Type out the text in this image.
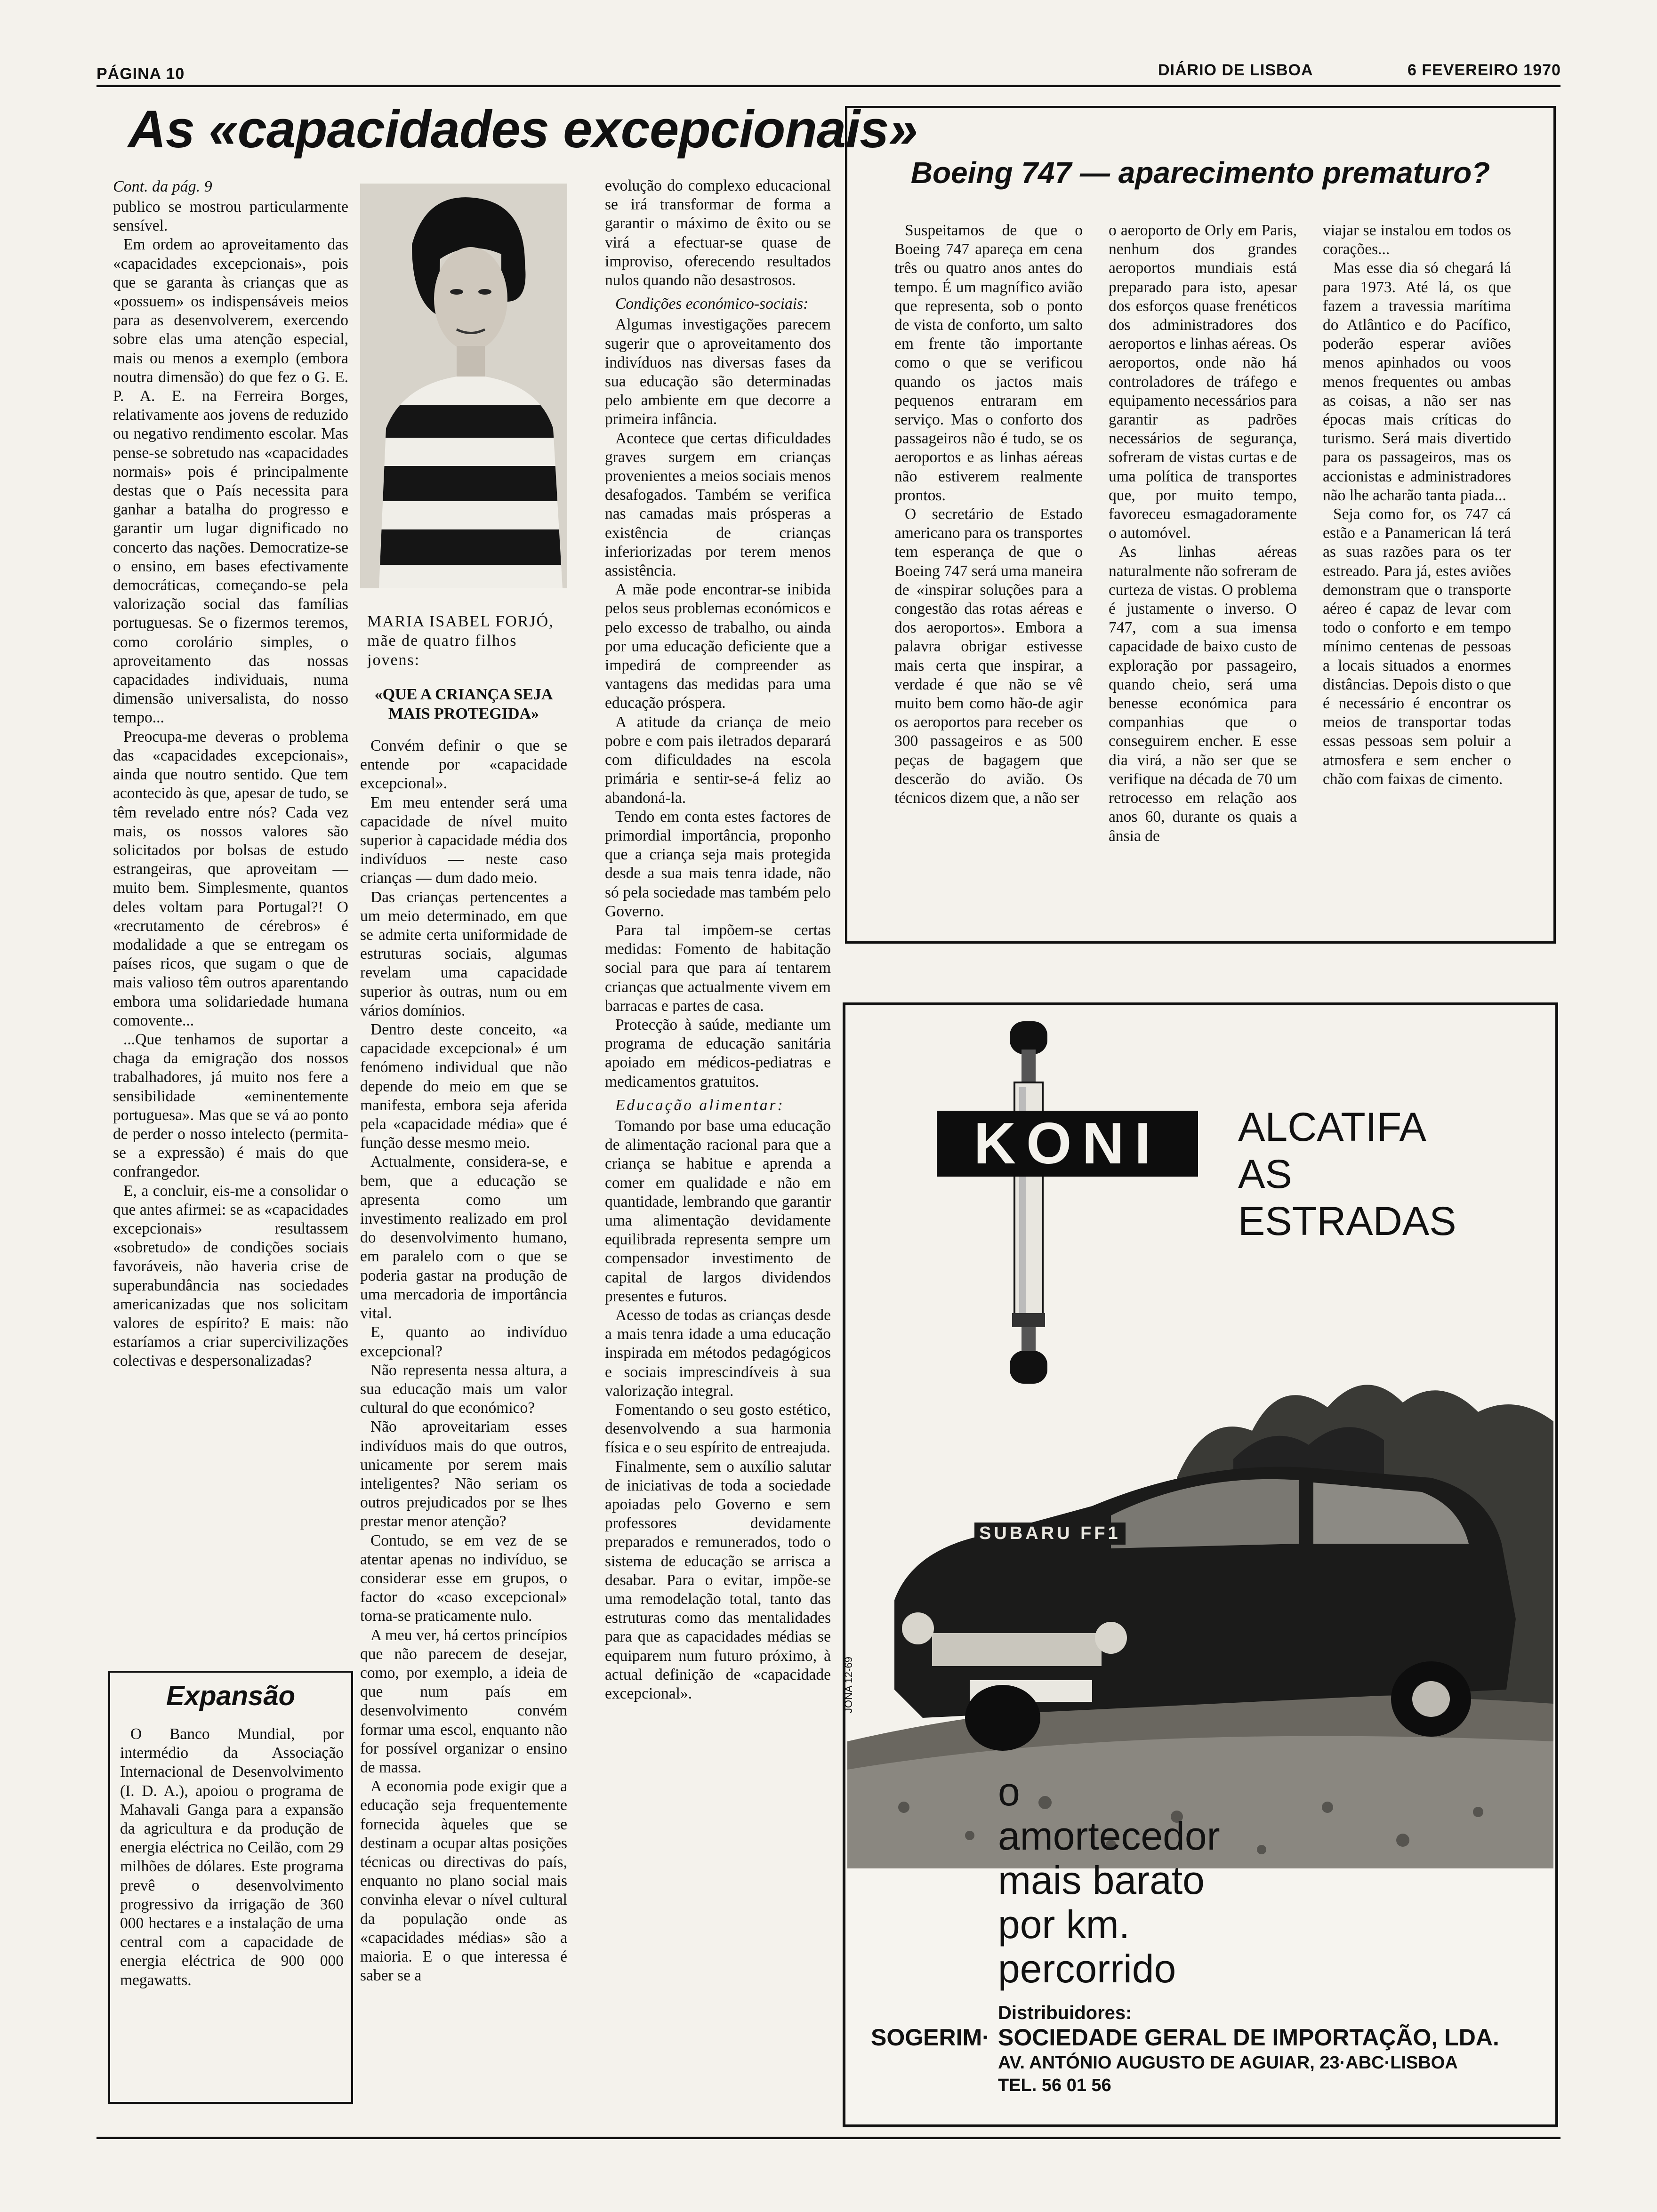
PÁGINA 10	DIÁRIO DE LISBOA	6 FEVEREIRO 1970
As «capacidades excepcionais»
Cont. da pág. 9

publico se mostrou particularmente sensível.

Em ordem ao aproveitamento das «capacidades excepcionais», pois que se garanta às crianças que as «possuem» os indispensáveis meios para as desenvolverem, exercendo sobre elas uma atenção especial, mais ou menos a exemplo (embora noutra dimensão) do que fez o G. E. P. A. E. na Ferreira Borges, relativamente aos jovens de reduzido ou negativo rendimento escolar. Mas pense-se sobretudo nas «capacidades normais» pois é principalmente destas que o País necessita para ganhar a batalha do progresso e garantir um lugar dignificado no concerto das nações. Democratize-se o ensino, em bases efectivamente democráticas, começando-se pela valorização social das famílias portuguesas. Se o fizermos teremos, como corolário simples, o aproveitamento das nossas capacidades individuais, numa dimensão universalista, do nosso tempo...

Preocupa-me deveras o problema das «capacidades excepcionais», ainda que noutro sentido. Que tem acontecido às que, apesar de tudo, se têm revelado entre nós? Cada vez mais, os nossos valores são solicitados por bolsas de estudo estrangeiras, que aproveitam — muito bem. Simplesmente, quantos deles voltam para Portugal?! O «recrutamento de cérebros» é modalidade a que se entregam os países ricos, que sugam o que de mais valioso têm outros aparentando embora uma solidariedade humana comovente...

...Que tenhamos de suportar a chaga da emigração dos nossos trabalhadores, já muito nos fere a sensibilidade «eminentemente portuguesa». Mas que se vá ao ponto de perder o nosso intelecto (permita-se a expressão) é mais do que confrangedor.

E, a concluir, eis-me a consolidar o que antes afirmei: se as «capacidades excepcionais» resultassem «sobretudo» de condições sociais favoráveis, não haveria crise de superabundância nas sociedades americanizadas que nos solicitam valores de espírito? E mais: não estaríamos a criar supercivilizações colectivas e despersonalizadas?

Expansão

O Banco Mundial, por intermédio da Associação Internacional de Desenvolvimento (I. D. A.), apoiou o programa de Mahavali Ganga para a expansão da agricultura e da produção de energia eléctrica no Ceilão, com 29 milhões de dólares. Este programa prevê o desenvolvimento progressivo da irrigação de 360 000 hectares e a instalação de uma central com a capacidade de energia eléctrica de 900 000 megawatts.

MARIA ISABEL FORJÓ, mãe de quatro filhos jovens:
«QUE A CRIANÇA SEJA MAIS PROTEGIDA»

Convém definir o que se entende por «capacidade excepcional».

Em meu entender será uma capacidade de nível muito superior à capacidade média dos indivíduos — neste caso crianças — dum dado meio.

Das crianças pertencentes a um meio determinado, em que se admite certa uniformidade de estruturas sociais, algumas revelam uma capacidade superior às outras, num ou em vários domínios.

Dentro deste conceito, «a capacidade excepcional» é um fenómeno individual que não depende do meio em que se manifesta, embora seja aferida pela «capacidade média» que é função desse mesmo meio.

Actualmente, considera-se, e bem, que a educação se apresenta como um investimento realizado em prol do desenvolvimento humano, em paralelo com o que se poderia gastar na produção de uma mercadoria de importância vital.

E, quanto ao indivíduo excepcional?

Não representa nessa altura, a sua educação mais um valor cultural do que económico?

Não aproveitariam esses indivíduos mais do que outros, unicamente por serem mais inteligentes? Não seriam os outros prejudicados por se lhes prestar menor atenção?

Contudo, se em vez de se atentar apenas no indivíduo, se considerar esse em grupos, o factor do «caso excepcional» torna-se praticamente nulo.

A meu ver, há certos princípios que não parecem de desejar, como, por exemplo, a ideia de que num país em desenvolvimento convém formar uma escol, enquanto não for possível organizar o ensino de massa.

A economia pode exigir que a educação seja frequentemente fornecida àqueles que se destinam a ocupar altas posições técnicas ou directivas do país, enquanto no plano social mais convinha elevar o nível cultural da população onde as «capacidades médias» são a maioria. E o que interessa é saber se a

evolução do complexo educacional se irá transformar de forma a garantir o máximo de êxito ou se virá a efectuar-se quase de improviso, oferecendo resultados nulos quando não desastrosos.

Condições económico-sociais:

Algumas investigações parecem sugerir que o aproveitamento dos indivíduos nas diversas fases da sua educação são determinadas pelo ambiente em que decorre a primeira infância.

Acontece que certas dificuldades graves surgem em crianças provenientes a meios sociais menos desafogados. Também se verifica nas camadas mais prósperas a existência de crianças inferiorizadas por terem menos assistência.

A mãe pode encontrar-se inibida pelos seus problemas económicos e pelo excesso de trabalho, ou ainda por uma educação deficiente que a impedirá de compreender as vantagens das medidas para uma educação próspera.

A atitude da criança de meio pobre e com pais iletrados deparará com dificuldades na escola primária e sentir-se-á feliz ao abandoná-la.

Tendo em conta estes factores de primordial importância, proponho que a criança seja mais protegida desde a sua mais tenra idade, não só pela sociedade mas também pelo Governo.

Para tal impõem-se certas medidas: Fomento de habitação social para que para aí tentarem crianças que actualmente vivem em barracas e partes de casa.

Protecção à saúde, mediante um programa de educação sanitária apoiado em médicos-pediatras e medicamentos gratuitos.

Educação alimentar:

Tomando por base uma educação de alimentação racional para que a criança se habitue e aprenda a comer em qualidade e não em quantidade, lembrando que garantir uma alimentação devidamente equilibrada representa sempre um compensador investimento de capital de largos dividendos presentes e futuros.

Acesso de todas as crianças desde a mais tenra idade a uma educação inspirada em métodos pedagógicos e sociais imprescindíveis à sua valorização integral.

Fomentando o seu gosto estético, desenvolvendo a sua harmonia física e o seu espírito de entreajuda.

Finalmente, sem o auxílio salutar de iniciativas de toda a sociedade apoiadas pelo Governo e sem professores devidamente preparados e remunerados, todo o sistema de educação se arrisca a desabar. Para o evitar, impõe-se uma remodelação total, tanto das estruturas como das mentalidades para que as capacidades médias se equiparem num futuro próximo, à actual definição de «capacidade excepcional».

Boeing 747 — aparecimento prematuro?

Suspeitamos de que o Boeing 747 apareça em cena três ou quatro anos antes do tempo. É um magnífico avião que representa, sob o ponto de vista de conforto, um salto em frente tão importante como o que se verificou quando os jactos mais pequenos entraram em serviço. Mas o conforto dos passageiros não é tudo, se os aeroportos e as linhas aéreas não estiverem realmente prontos.

O secretário de Estado americano para os transportes tem esperança de que o Boeing 747 será uma maneira de «inspirar soluções para a congestão das rotas aéreas e dos aeroportos». Embora a palavra obrigar estivesse mais certa que inspirar, a verdade é que não se vê muito bem como hão-de agir os aeroportos para receber os 300 passageiros e as 500 peças de bagagem que descerão do avião. Os técnicos dizem que, a não ser

o aeroporto de Orly em Paris, nenhum dos grandes aeroportos mundiais está preparado para isto, apesar dos esforços quase frenéticos dos administradores dos aeroportos e linhas aéreas. Os aeroportos, onde não há controladores de tráfego e equipamento necessários para garantir as padrões necessários de segurança, sofreram de vistas curtas e de uma política de transportes que, por muito tempo, favoreceu esmagadoramente o automóvel.

As linhas aéreas naturalmente não sofreram de curteza de vistas. O problema é justamente o inverso. O 747, com a sua imensa capacidade de baixo custo de exploração por passageiro, quando cheio, será uma benesse económica para companhias que o conseguirem encher. E esse dia virá, a não ser que se verifique na década de 70 um retrocesso em relação aos anos 60, durante os quais a ânsia de

viajar se instalou em todos os corações...

Mas esse dia só chegará lá para 1973. Até lá, os que fazem a travessia marítima do Atlântico e do Pacífico, poderão esperar aviões menos apinhados ou voos menos frequentes ou ambas as coisas, a não ser nas épocas mais críticas do turismo. Será mais divertido para os passageiros, mas os accionistas e administradores não lhe acharão tanta piada...

Seja como for, os 747 cá estão e a Panamerican lá terá as suas razões para os ter estreado. Para já, estes aviões demonstram que o transporte aéreo é capaz de levar com todo o conforto e em tempo mínimo centenas de pessoas a locais situados a enormes distâncias. Depois disto o que é necessário é encontrar os meios de transportar todas essas pessoas sem poluir a atmosfera e sem encher o chão com faixas de cimento.

KONI	ALCATIFA
AS
ESTRADAS
SUBARU FF1
JONA 12-69
o
amortecedor
mais barato
por km.
percorrido
Distribuidores:
SOGERIM· SOCIEDADE GERAL DE IMPORTAÇÃO, LDA.
AV. ANTÓNIO AUGUSTO DE AGUIAR, 23·ABC·LISBOA
TEL. 56 01 56
